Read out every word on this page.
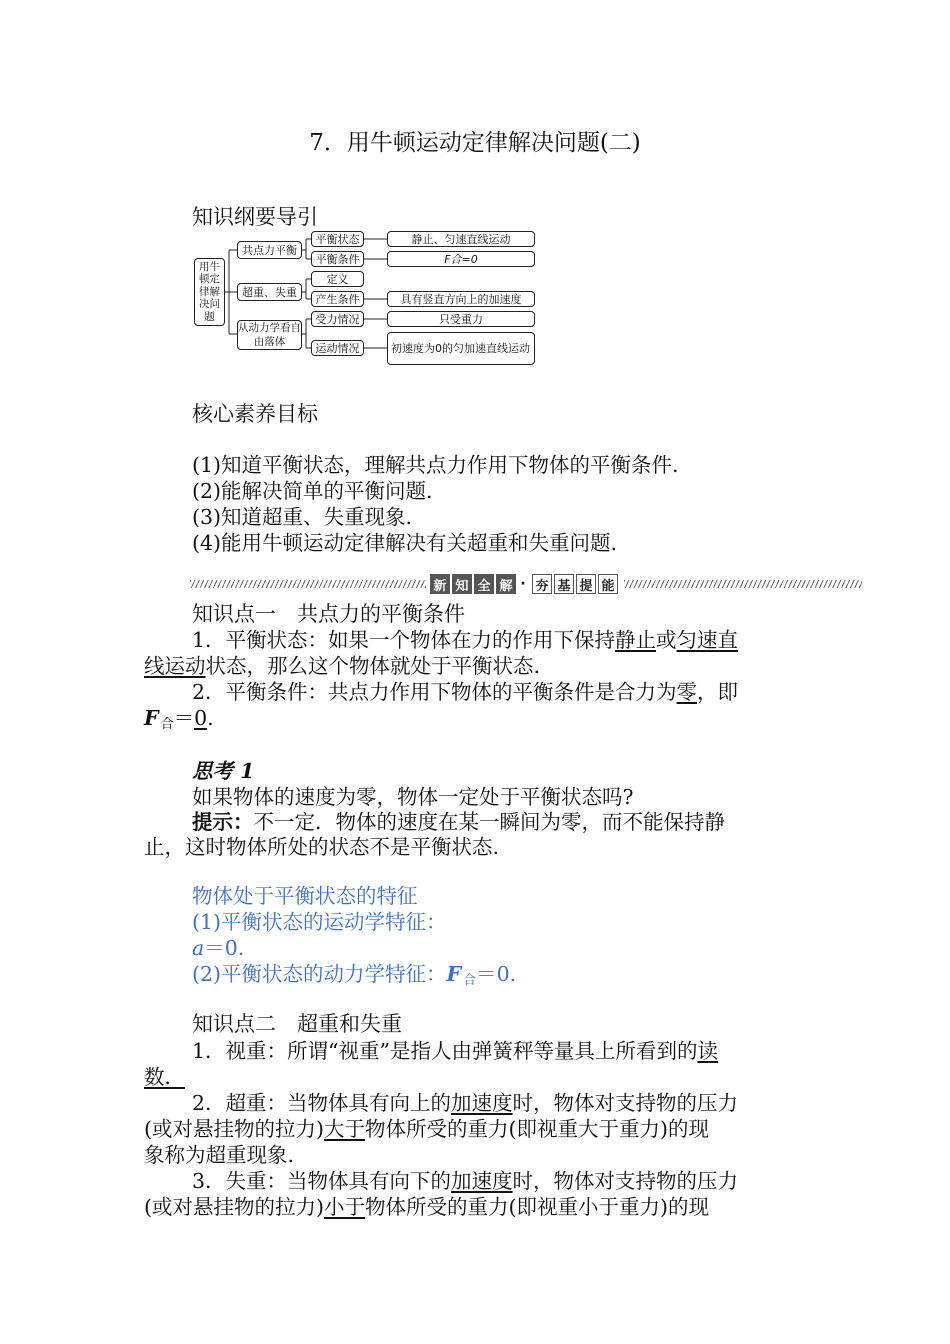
7．用牛顿运动定律解决问题(二)
知识纲要导引
用牛顿定律解决问题
共点力平衡
超重、失重
从动力学看自由落体
平衡状态
平衡条件
定义
产生条件
受力情况
运动情况
静止、匀速直线运动
F合=0
具有竖直方向上的加速度
只受重力
初速度为0的匀加速直线运动
核心素养目标
(1)知道平衡状态，理解共点力作用下物体的平衡条件.
(2)能解决简单的平衡问题.
(3)知道超重、失重现象.
(4)能用牛顿运动定律解决有关超重和失重问题.
新 知 全 解 · 夯 基 提 能
知识点一　共点力的平衡条件
1．平衡状态：如果一个物体在力的作用下保持静止或匀速直
线运动状态，那么这个物体就处于平衡状态.
2．平衡条件：共点力作用下物体的平衡条件是合力为零，即
F $_合$＝0.
思考 1
如果物体的速度为零，物体一定处于平衡状态吗?
提示：不一定．物体的速度在某一瞬间为零，而不能保持静
止，这时物体所处的状态不是平衡状态.
物体处于平衡状态的特征
(1)平衡状态的运动学特征：
a＝0.
(2)平衡状态的动力学特征：F $_合$＝0.
知识点二　超重和失重
1．视重：所谓“视重”是指人由弹簧秤等量具上所看到的读
数．
2．超重：当物体具有向上的加速度时，物体对支持物的压力
(或对悬挂物的拉力)大于物体所受的重力(即视重大于重力)的现
象称为超重现象.
3．失重：当物体具有向下的加速度时，物体对支持物的压力
(或对悬挂物的拉力)小于物体所受的重力(即视重小于重力)的现
